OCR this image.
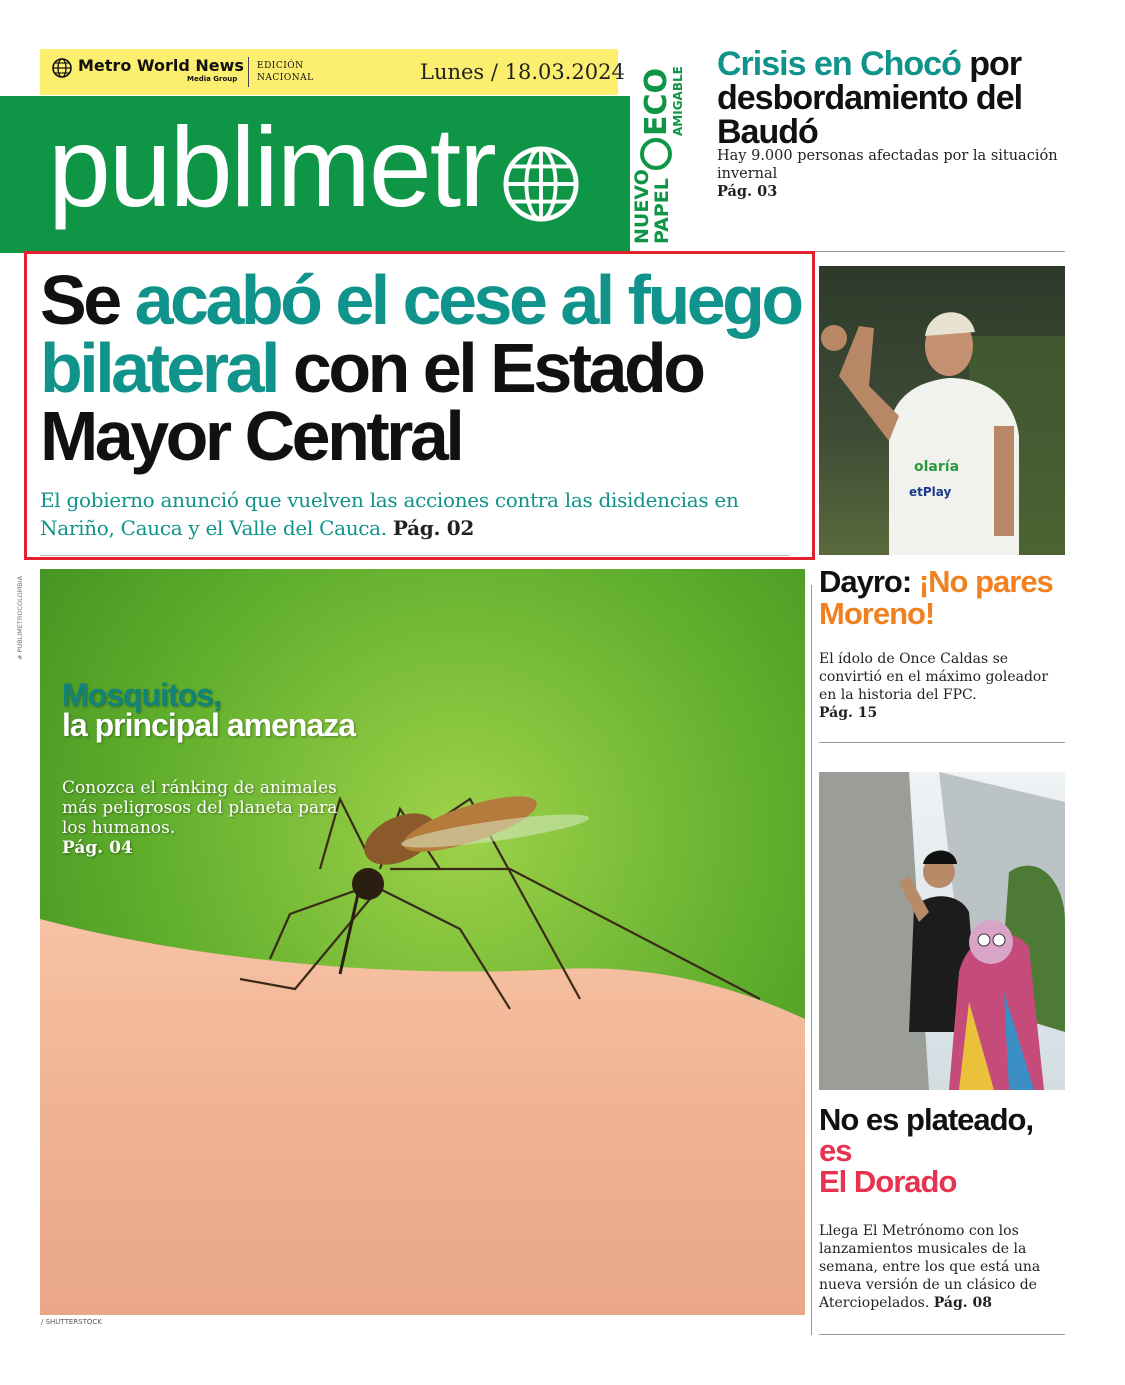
Metro World News
Media Group
EDICIÓN
NACIONAL	Lunes / 18.03.2024
publimetr	NUEVO
PAPEL
ECO
AMIGABLE
Crisis en Chocó por desbordamiento del Baudó
Hay 9.000 personas afectadas por la situación invernal
Pág. 03
Se acabó el cese al fuego bilateral con el Estado Mayor Central
El gobierno anunció que vuelven las acciones contra las disidencias en Nariño, Cauca y el Valle del Cauca. Pág. 02
# PUBLIMETROCOLOMBIA
Mosquitos,
la principal amenaza
Conozca el ránking de animales más peligrosos del planeta para los humanos.
Pág. 04
/ SHUTTERSTOCK
olaría
etPlay
Dayro: ¡No pares Moreno!
El ídolo de Once Caldas se convirtió en el máximo goleador en la historia del FPC.
Pág. 15
No es plateado, es
El Dorado
Llega El Metrónomo con los lanzamientos musicales de la semana, entre los que está una nueva versión de un clásico de Aterciopelados. Pág. 08
